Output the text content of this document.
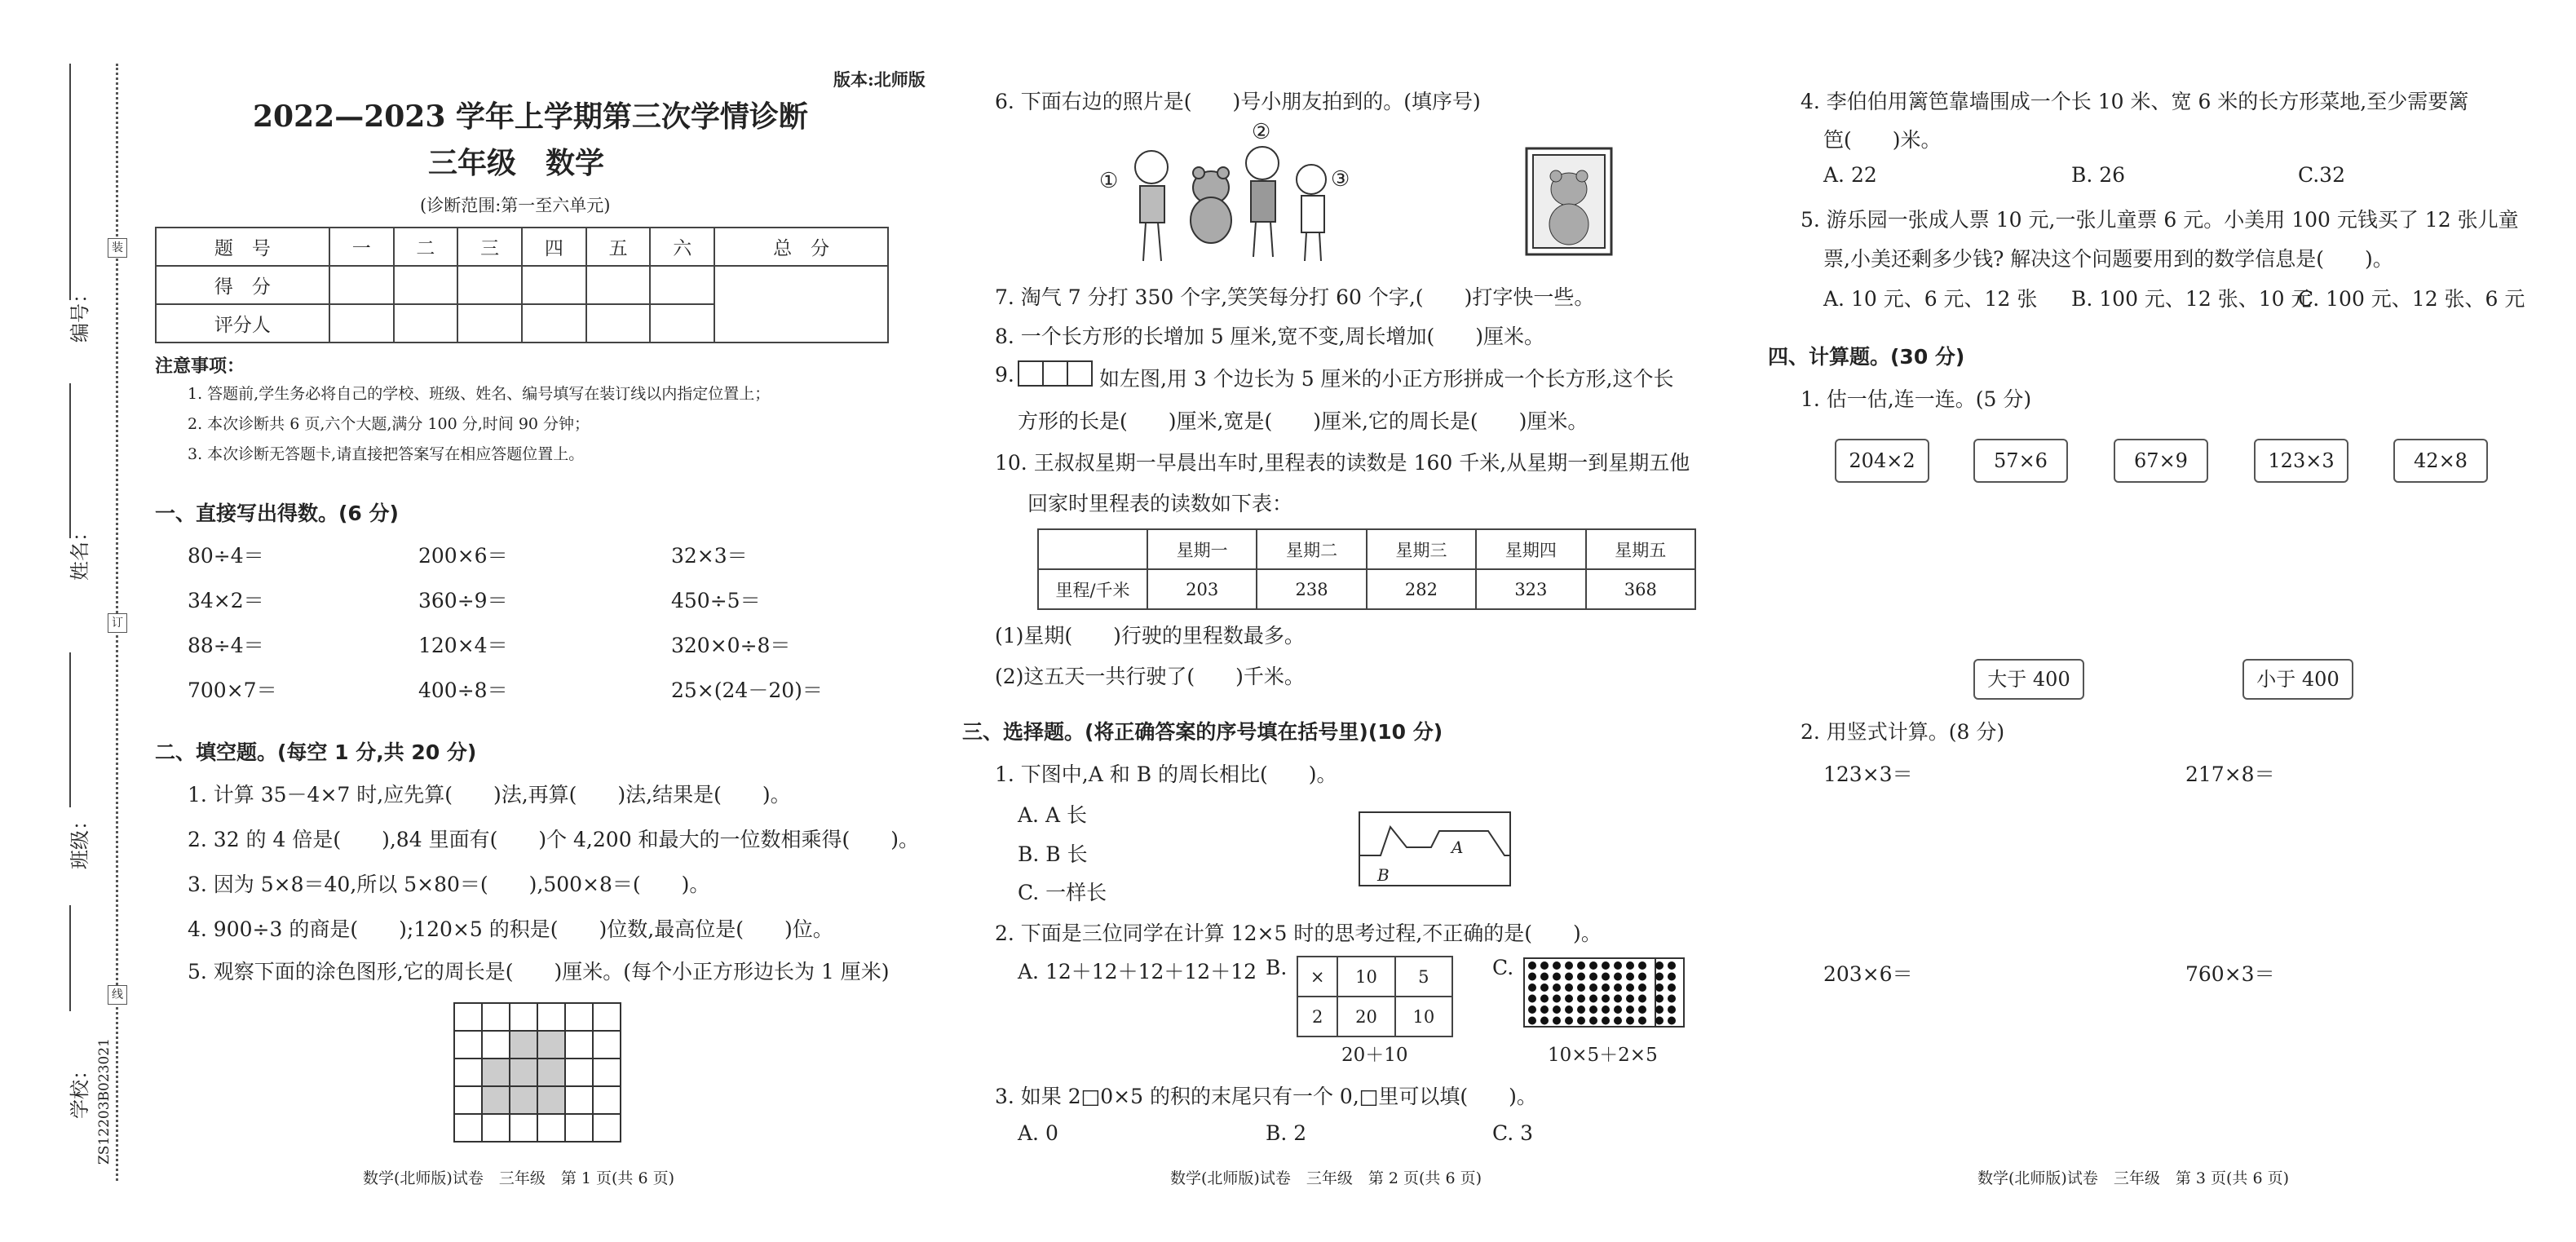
装
订
线
编号：
姓名：
班级：
学校： ZS12203B023021
版本:北师版
2022—2023 学年上学期第三次学情诊断
三年级　数学
(诊断范围:第一至六单元)
题　号	一	二	三	四	五	六	总　分
得　分							
评分人							
注意事项：
1. 答题前,学生务必将自己的学校、班级、姓名、编号填写在装订线以内指定位置上；
2. 本次诊断共 6 页,六个大题,满分 100 分,时间 90 分钟；
3. 本次诊断无答题卡,请直接把答案写在相应答题位置上。
一、直接写出得数。(6 分)
80÷4＝	200×6＝	32×3＝
34×2＝	360÷9＝	450÷5＝
88÷4＝	120×4＝	320×0÷8＝
700×7＝	400÷8＝	25×(24－20)＝
二、填空题。(每空 1 分,共 20 分)
1. 计算 35－4×7 时,应先算(　　)法,再算(　　)法,结果是(　　)。
2. 32 的 4 倍是(　　),84 里面有(　　)个 4,200 和最大的一位数相乘得(　　)。
3. 因为 5×8＝40,所以 5×80＝(　　),500×8＝(　　)。
4. 900÷3 的商是(　　);120×5 的积是(　　)位数,最高位是(　　)位。
5. 观察下面的涂色图形,它的周长是(　　)厘米。(每个小正方形边长为 1 厘米)
数学(北师版)试卷　三年级　第 1 页(共 6 页)
6. 下面右边的照片是(　　)号小朋友拍到的。(填序号)
①
②
③
7. 淘气 7 分打 350 个字,笑笑每分打 60 个字,(　　)打字快一些。
8. 一个长方形的长增加 5 厘米,宽不变,周长增加(　　)厘米。
9.	如左图,用 3 个边长为 5 厘米的小正方形拼成一个长方形,这个长
方形的长是(　　)厘米,宽是(　　)厘米,它的周长是(　　)厘米。
10. 王叔叔星期一早晨出车时,里程表的读数是 160 千米,从星期一到星期五他
回家时里程表的读数如下表：
	星期一	星期二	星期三	星期四	星期五
里程/千米	203	238	282	323	368
(1)星期(　　)行驶的里程数最多。
(2)这五天一共行驶了(　　)千米。
三、选择题。(将正确答案的序号填在括号里)(10 分)
1. 下图中,A 和 B 的周长相比(　　)。
A. A 长
B. B 长
C. 一样长
A
B
2. 下面是三位同学在计算 12×5 时的思考过程,不正确的是(　　)。
A. 12＋12＋12＋12＋12 B. ×	10	5
2	20	10
20＋10
C.
10×5＋2×5
3. 如果 2□0×5 的积的末尾只有一个 0,□里可以填(　　)。
A. 0	B. 2	C. 3
数学(北师版)试卷　三年级　第 2 页(共 6 页)
4. 李伯伯用篱笆靠墙围成一个长 10 米、宽 6 米的长方形菜地,至少需要篱
笆(　　)米。
A. 22	B. 26	C.32
5. 游乐园一张成人票 10 元,一张儿童票 6 元。小美用 100 元钱买了 12 张儿童
票,小美还剩多少钱? 解决这个问题要用到的数学信息是(　　)。
A. 10 元、6 元、12 张 B. 100 元、12 张、10 元
C. 100 元、12 张、6 元
四、计算题。(30 分)
1. 估一估,连一连。(5 分)
204×2	57×6	67×9	123×3	42×8
大于 400	小于 400
2. 用竖式计算。(8 分)
123×3＝	217×8＝
203×6＝	760×3＝
数学(北师版)试卷　三年级　第 3 页(共 6 页)
